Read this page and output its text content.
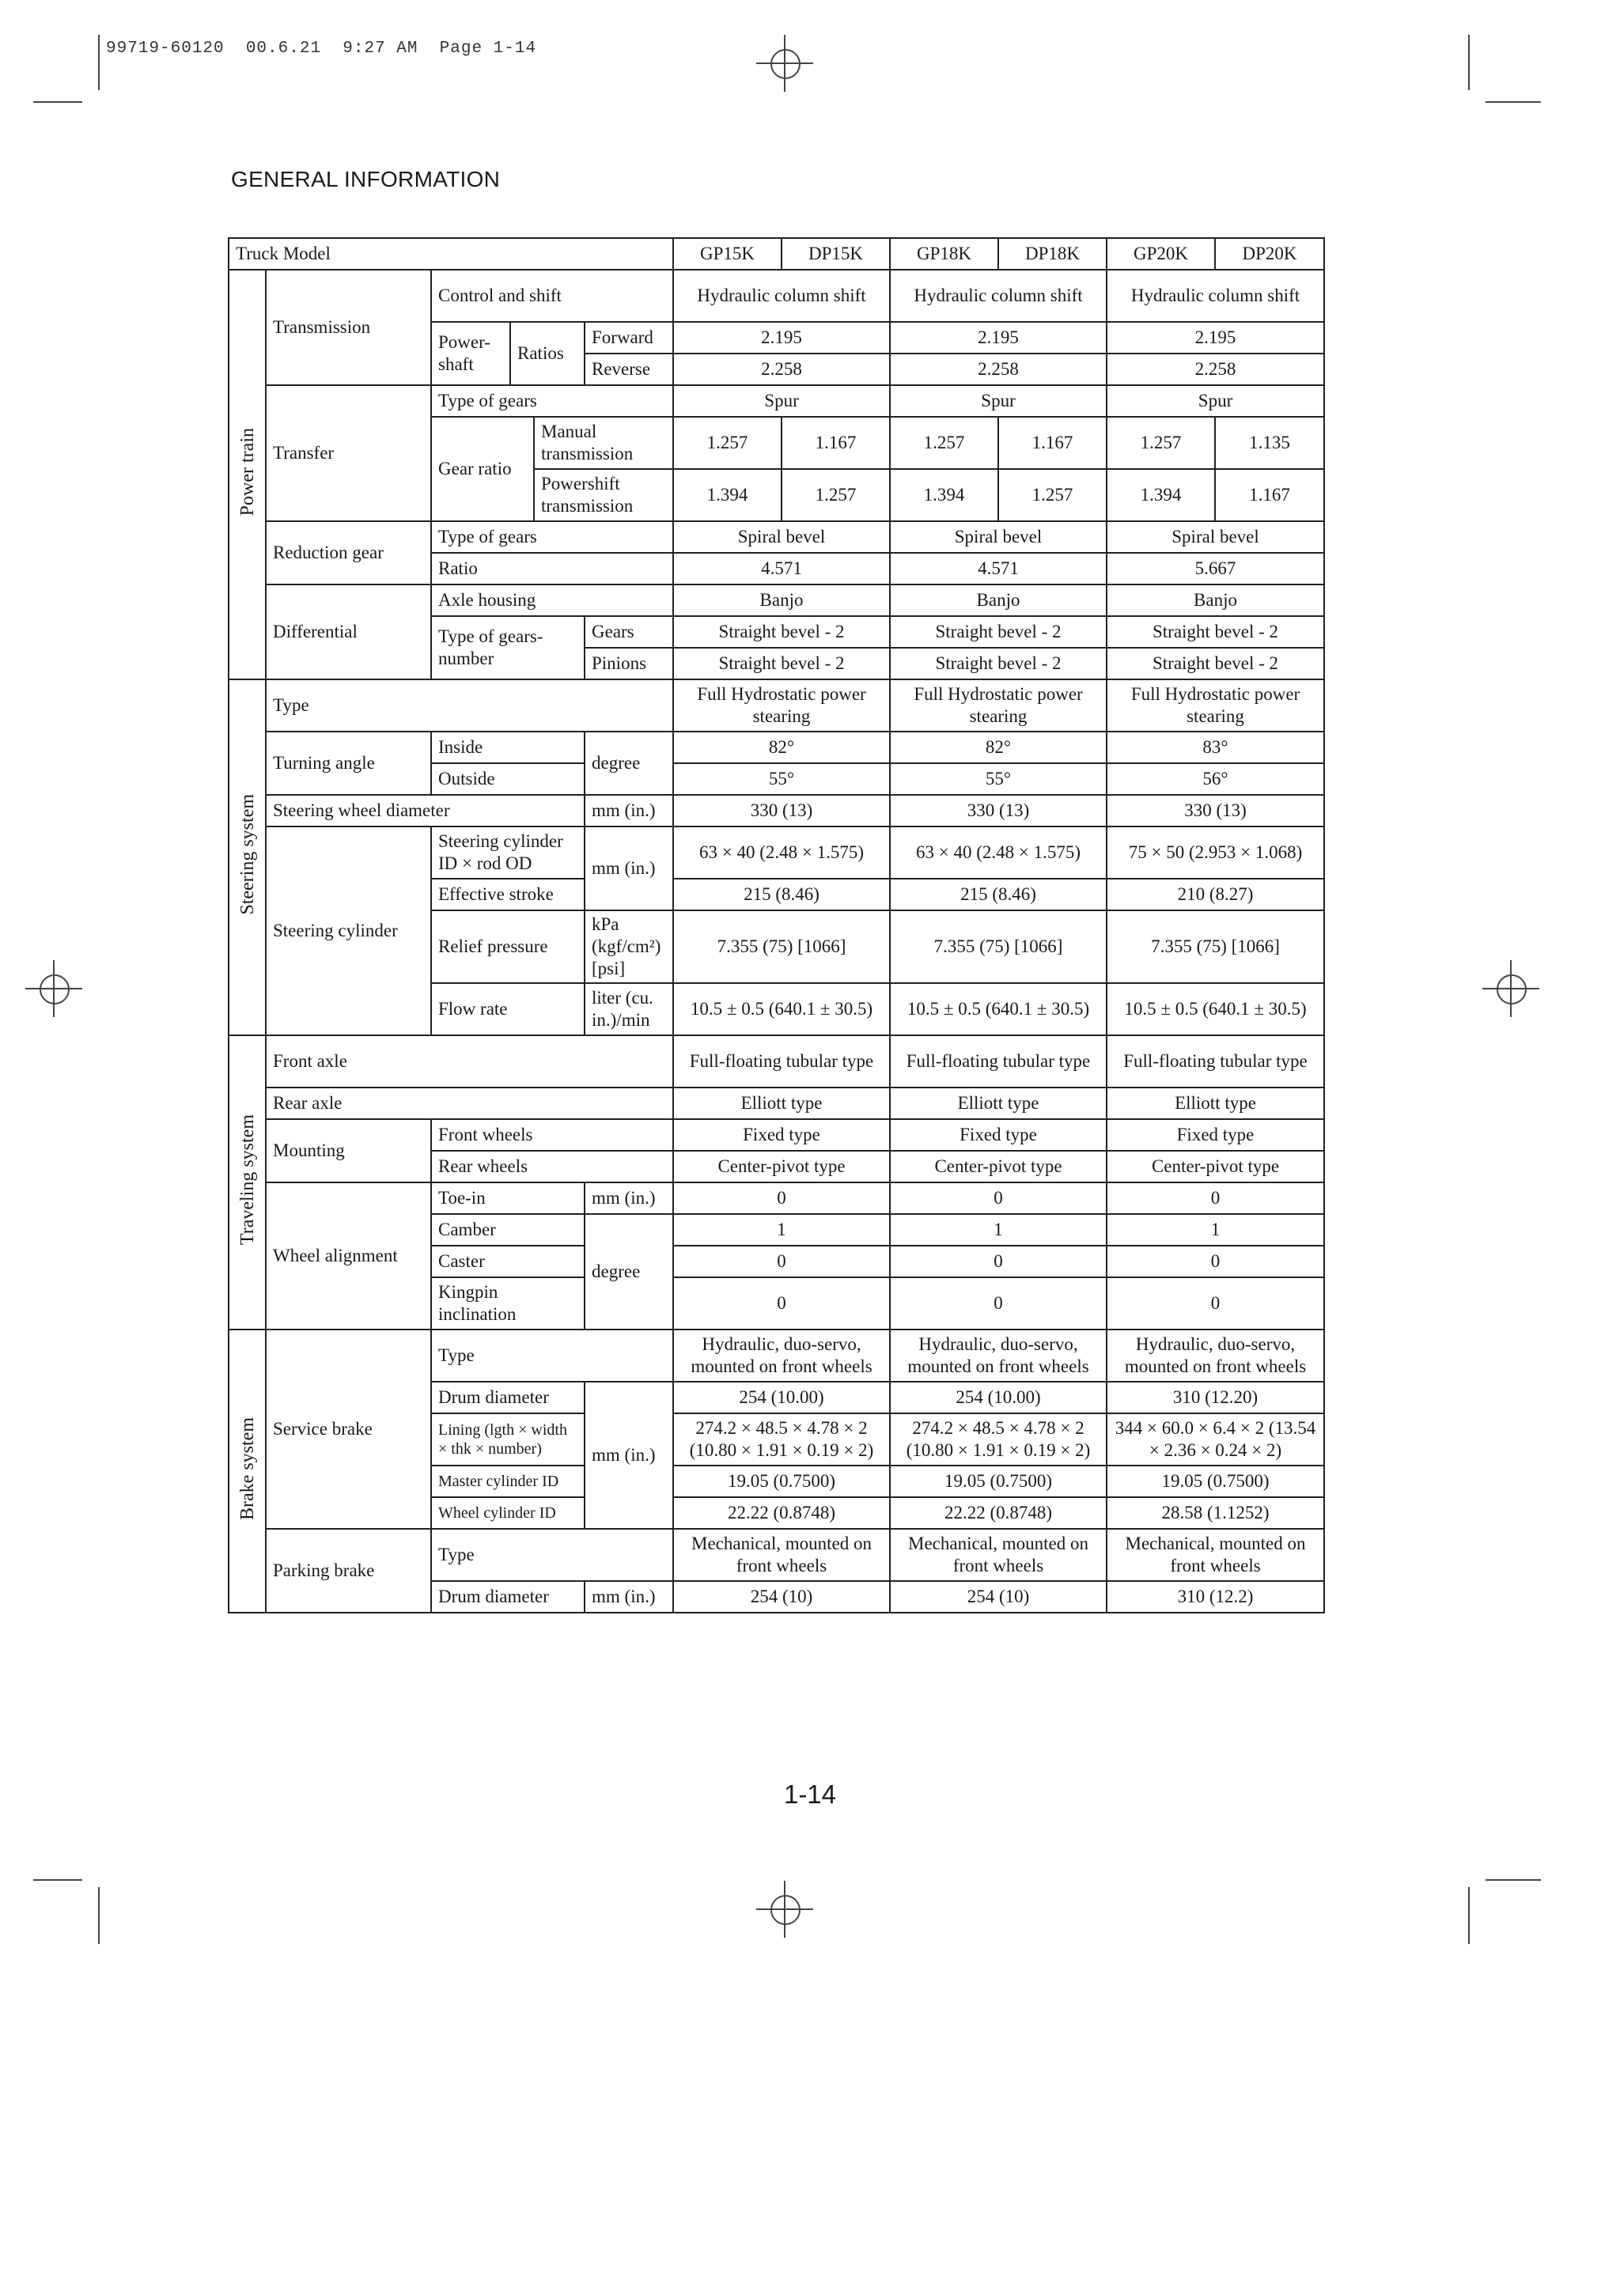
99719-60120  00.6.21  9:27 AM  Page 1-14
GENERAL INFORMATION
Truck Model						GP15K	DP15K	GP18K	DP18K	GP20K	DP20K
Power train	Transmission	Control and shift				Hydraulic column shift		Hydraulic column shift		Hydraulic column shift	
		Power-shaft	Ratios		Forward	2.195		2.195		2.195	
					Reverse	2.258		2.258		2.258	
	Transfer	Type of gears				Spur		Spur		Spur	
		Gear ratio		Manual transmission		1.257	1.167	1.257	1.167	1.257	1.135
				Powershift transmission		1.394	1.257	1.394	1.257	1.394	1.167
	Reduction gear	Type of gears				Spiral bevel		Spiral bevel		Spiral bevel	
		Ratio				4.571		4.571		5.667	
	Differential	Axle housing				Banjo		Banjo		Banjo	
		Type of gears-number			Gears	Straight bevel - 2		Straight bevel - 2		Straight bevel - 2	
					Pinions	Straight bevel - 2		Straight bevel - 2		Straight bevel - 2	

Steering system	Type					Full Hydrostatic power stearing		Full Hydrostatic power stearing		Full Hydrostatic power stearing	
	Turning angle	Inside			degree	82°		82°		83°	
		Outside				55°		55°		56°	
	Steering wheel diameter				mm (in.)	330 (13)		330 (13)		330 (13)	
	Steering cylinder	Steering cylinder ID × rod OD			mm (in.)	63 × 40 (2.48 × 1.575)		63 × 40 (2.48 × 1.575)		75 × 50 (2.953 × 1.068)	
		Effective stroke				215 (8.46)		215 (8.46)		210 (8.27)	
		Relief pressure			kPa (kgf/cm²)[psi]	7.355 (75) [1066]		7.355 (75) [1066]		7.355 (75) [1066]	
		Flow rate			liter (cu. in.)/min	10.5 ± 0.5 (640.1 ± 30.5)		10.5 ± 0.5 (640.1 ± 30.5)		10.5 ± 0.5 (640.1 ± 30.5)	

Traveling system	Front axle					Full-floating tubular type		Full-floating tubular type		Full-floating tubular type	
	Rear axle					Elliott type		Elliott type		Elliott type	
	Mounting	Front wheels				Fixed type		Fixed type		Fixed type	
		Rear wheels				Center-pivot type		Center-pivot type		Center-pivot type	
	Wheel alignment	Toe-in			mm (in.)	0		0		0	
		Camber			degree	1		1		1	
		Caster				0		0		0	
		Kingpin inclination				0		0		0	

Brake system	Service brake	Type				Hydraulic, duo-servo, mounted on front wheels		Hydraulic, duo-servo, mounted on front wheels		Hydraulic, duo-servo, mounted on front wheels	
		Drum diameter			mm (in.)	254 (10.00)		254 (10.00)		310 (12.20)	
		Lining (lgth × width × thk × number)				274.2 × 48.5 × 4.78 × 2 (10.80 × 1.91 × 0.19 × 2)		274.2 × 48.5 × 4.78 × 2 (10.80 × 1.91 × 0.19 × 2)		344 × 60.0 × 6.4 × 2 (13.54 × 2.36 × 0.24 × 2)	
		Master cylinder ID				19.05 (0.7500)		19.05 (0.7500)		19.05 (0.7500)	
		Wheel cylinder ID				22.22 (0.8748)		22.22 (0.8748)		28.58 (1.1252)	
	Parking brake	Type				Mechanical, mounted on front wheels		Mechanical, mounted on front wheels		Mechanical, mounted on front wheels	
		Drum diameter			mm (in.)	254 (10)		254 (10)		310 (12.2)	

1-14
